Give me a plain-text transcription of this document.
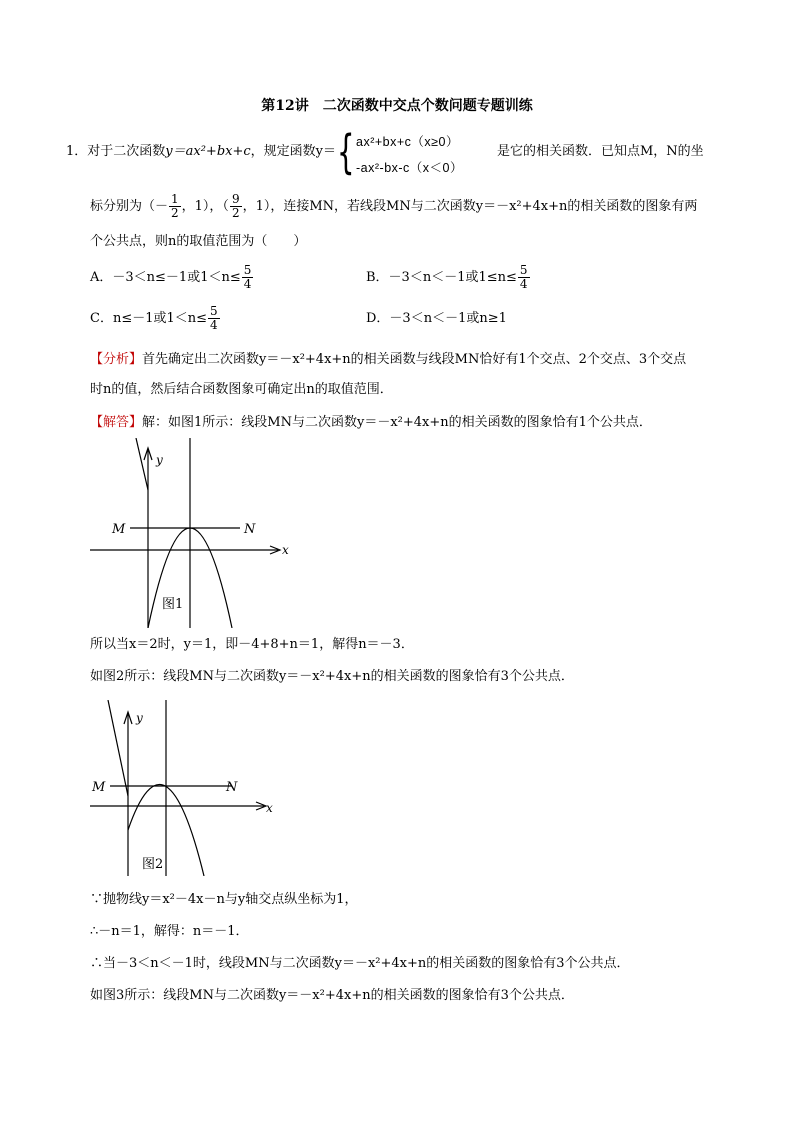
第12讲　二次函数中交点个数问题专题训练
1．对于二次函数y＝ax²+bx+c，规定函数y＝ { ax²+bx+c（x≥0）
-ax²-bx-c（x＜0）
是它的相关函数．已知点M，N的坐
标分别为（－ $\frac{1}{2}$ ，1），（ $\frac{9}{2}$ ，1），连接MN，若线段MN与二次函数y＝－x²+4x+n的相关函数的图象有两
个公共点，则n的取值范围为（　　）
A．－3＜n≤－1或$1<n\le \frac{5}{4}$	B．－3＜n＜－1或$1\le n\le \frac{5}{4}$
C．n≤－1或$1<n\le \frac{5}{4}$	D．－3＜n＜－1或n≥1
【分析】首先确定出二次函数y＝－x²+4x+n的相关函数与线段MN恰好有1个交点、2个交点、3个交点
时n的值，然后结合函数图象可确定出n的取值范围．
【解答】解：如图1所示：线段MN与二次函数y＝－x²+4x+n的相关函数的图象恰有1个公共点．
M	N
x
y
图1
所以当x＝2时，y＝1，即－4+8+n＝1，解得n＝－3．
如图2所示：线段MN与二次函数y＝－x²+4x+n的相关函数的图象恰有3个公共点．
M	N
x
y
图2
∵抛物线y＝x²－4x－n与y轴交点纵坐标为1，
∴－n＝1，解得：n＝－1．
∴当－3＜n＜－1时，线段MN与二次函数y＝－x²+4x+n的相关函数的图象恰有3个公共点．
如图3所示：线段MN与二次函数y＝－x²+4x+n的相关函数的图象恰有3个公共点．
